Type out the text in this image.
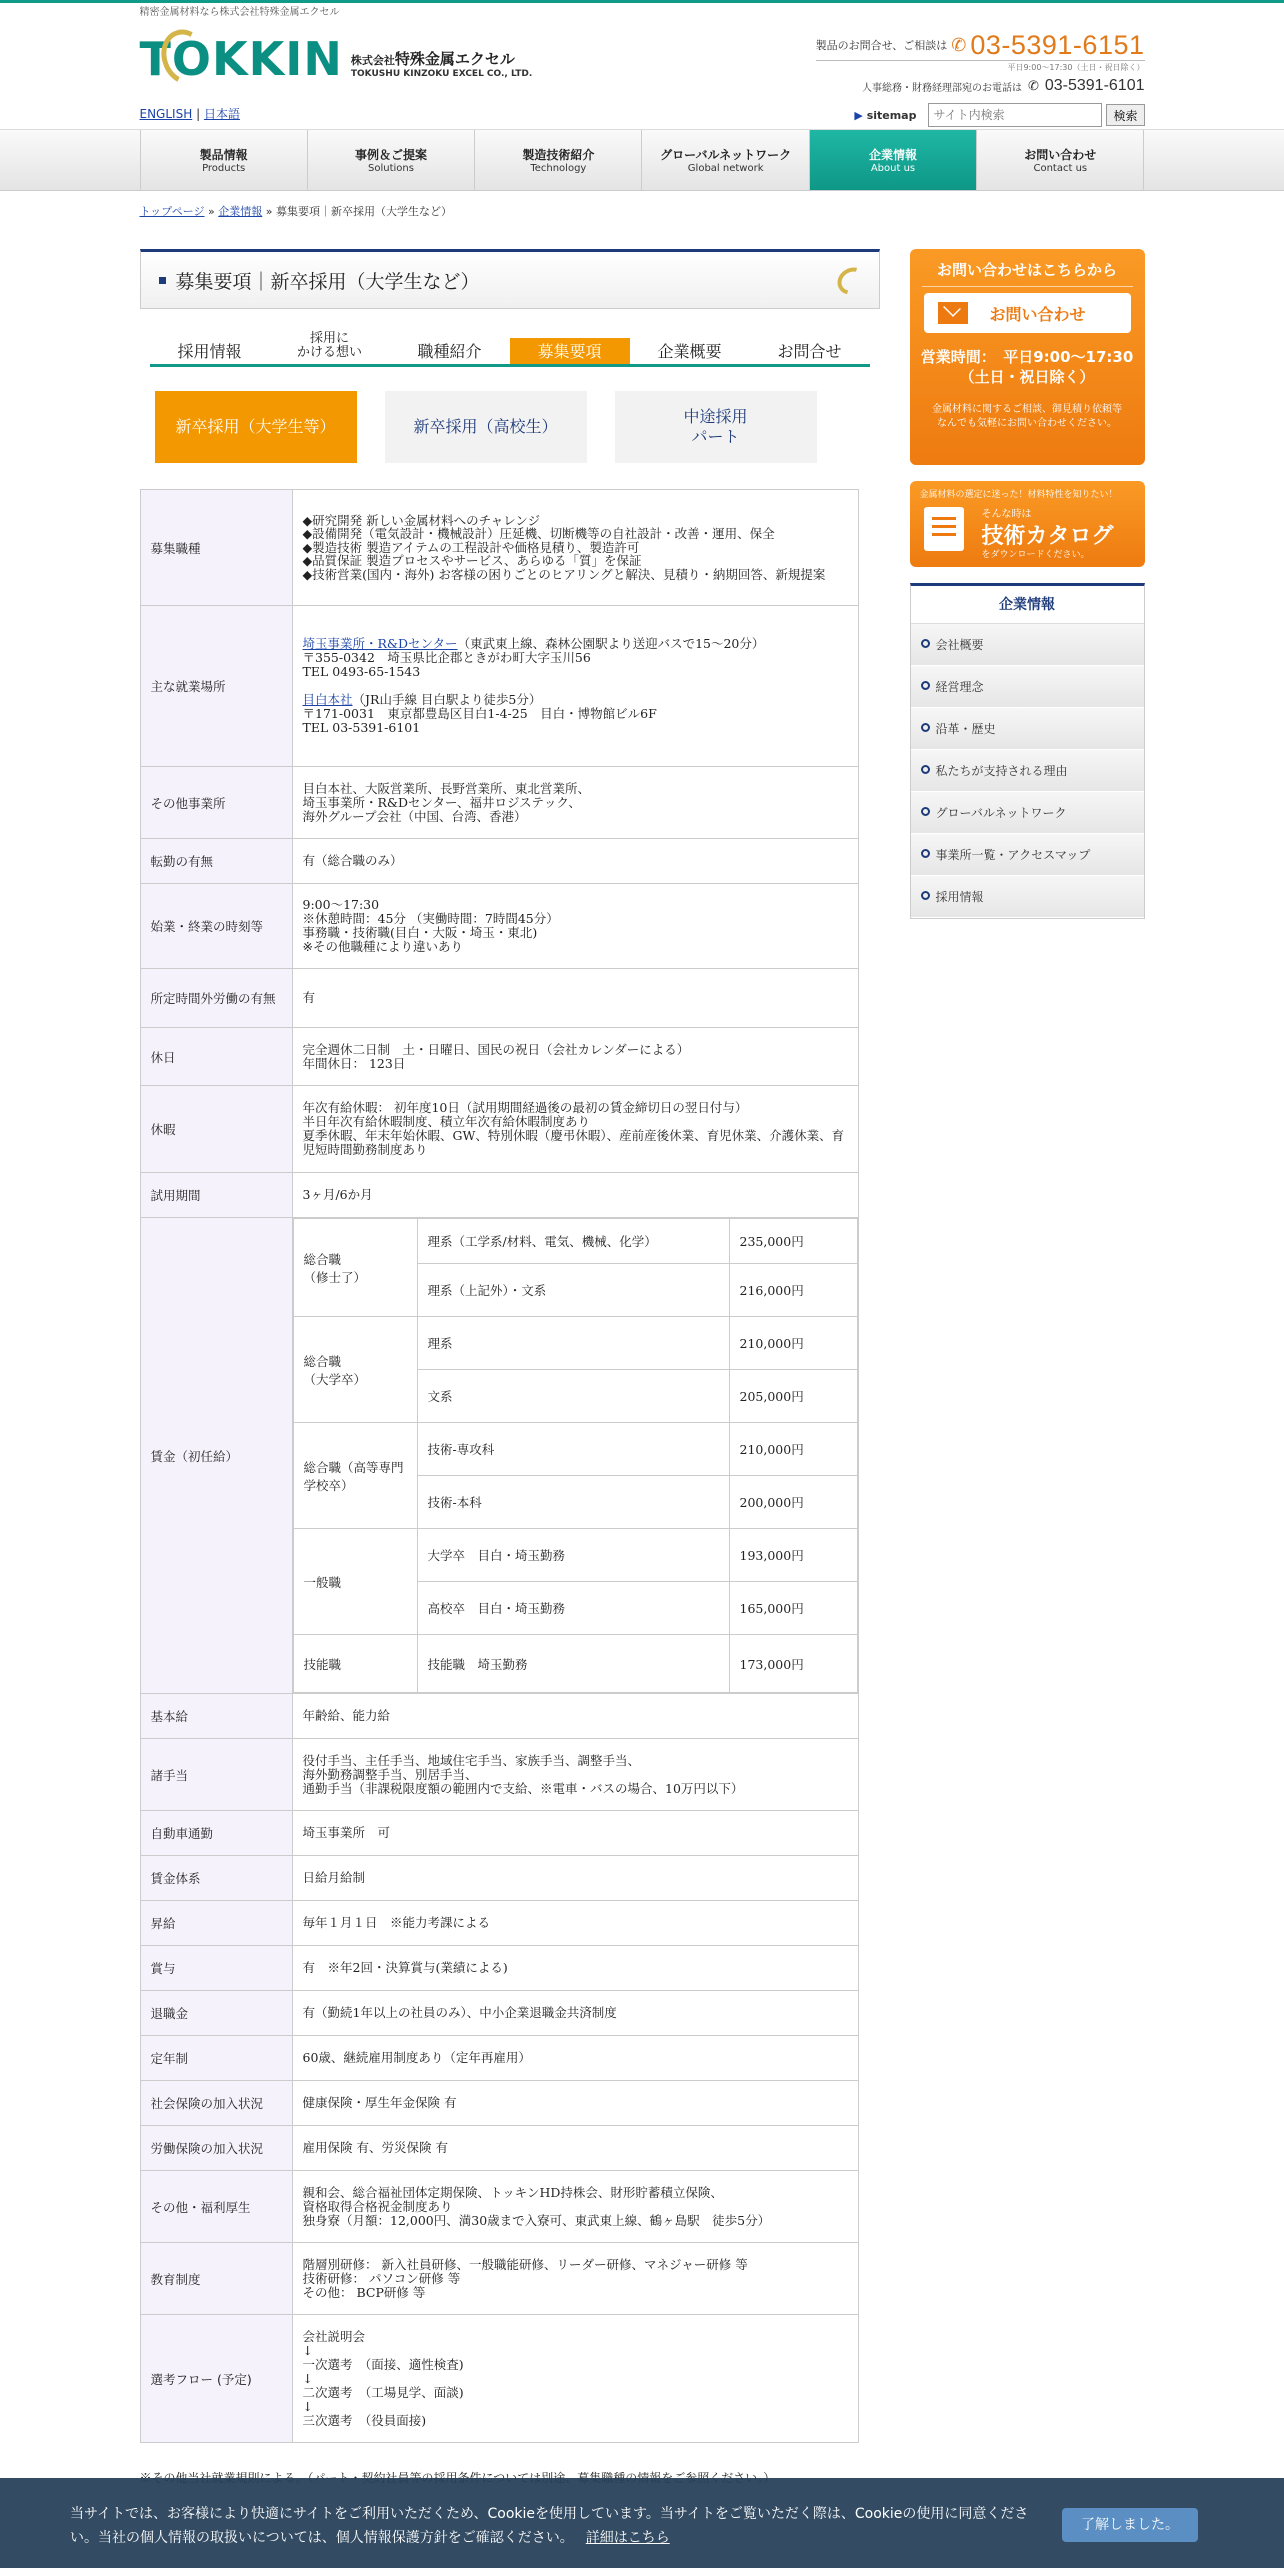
精密金属材料なら株式会社特殊金属エクセル
TOKKIN 株式会社特殊金属エクセル
TOKUSHU KINZOKU EXCEL CO., LTD.
ENGLISH | 日本語
製品のお問合せ、ご相談は ✆ 03-5391-6151
平日9:00～17:30（土日・祝日除く）
人事総務・財務経理部宛のお電話は ✆ 03-5391-6101
▶ sitemap
サイト内検索	検索
製品情報
Products
事例＆ご提案
Solutions
製造技術紹介
Technology
グローバルネットワーク
Global network
企業情報
About us
お問い合わせ
Contact us
トップページ » 企業情報 » 募集要項｜新卒採用（大学生など）
募集要項｜新卒採用（大学生など）
採用情報
採用に
かける想い	職種紹介	募集要項	企業概要	お問合せ
新卒採用（大学生等）	新卒採用（高校生）
中途採用
パート
募集職種	◆研究開発 新しい金属材料へのチャレンジ
◆設備開発（電気設計・機械設計）圧延機、切断機等の自社設計・改善・運用、保全
◆製造技術 製造アイテムの工程設計や価格見積り、製造許可
◆品質保証 製造プロセスやサービス、あらゆる「質」を保証
◆技術営業(国内・海外) お客様の困りごとのヒアリングと解決、見積り・納期回答、新規提案
主な就業場所	
埼玉事業所・R&Dセンター（東武東上線、森林公園駅より送迎バスで15～20分）
〒355-0342　埼玉県比企郡ときがわ町大字玉川56
TEL 0493-65-1543
目白本社（JR山手線 目白駅より徒歩5分）
〒171-0031　東京都豊島区目白1-4-25　目白・博物館ビル6F
TEL 03-5391-6101

その他事業所	目白本社、大阪営業所、長野営業所、東北営業所、
埼玉事業所・R&Dセンター、福井ロジステック、
海外グループ会社（中国、台湾、香港）
転勤の有無	有（総合職のみ）
始業・終業の時刻等	9:00～17:30
※休憩時間：45分 （実働時間：7時間45分）
事務職・技術職(目白・大阪・埼玉・東北)
※その他職種により違いあり
所定時間外労働の有無	有
休日	完全週休二日制　土・日曜日、国民の祝日（会社カレンダーによる）
年間休日： 123日
休暇	年次有給休暇： 初年度10日（試用期間経過後の最初の賃金締切日の翌日付与）
半日年次有給休暇制度、積立年次有給休暇制度あり
夏季休暇、年末年始休暇、GW、特別休暇（慶弔休暇）、産前産後休業、育児休業、介護休業、育児短時間勤務制度あり
試用期間	3ヶ月/6か月
賃金（初任給）	
総合職
（修士了）	理系（工学系/材料、電気、機械、化学）	235,000円
理系（上記外）・文系	216,000円
総合職
（大学卒）	理系	210,000円
文系	205,000円
総合職（高等専門学校卒）	技術-専攻科	210,000円
技術-本科	200,000円
一般職	大学卒　目白・埼玉勤務	193,000円
高校卒　目白・埼玉勤務	165,000円
技能職	技能職　埼玉勤務	173,000円

基本給	年齢給、能力給
諸手当	役付手当、主任手当、地域住宅手当、家族手当、調整手当、
海外勤務調整手当、別居手当、
通勤手当（非課税限度額の範囲内で支給、※電車・バスの場合、10万円以下）
自動車通勤	埼玉事業所　可
賃金体系	日給月給制
昇給	毎年１月１日　※能力考課による
賞与	有　※年2回・決算賞与(業績による)
退職金	有（勤続1年以上の社員のみ）、中小企業退職金共済制度
定年制	60歳、継続雇用制度あり（定年再雇用）
社会保険の加入状況	健康保険・厚生年金保険 有
労働保険の加入状況	雇用保険 有、労災保険 有
その他・福利厚生	親和会、総合福祉団体定期保険、トッキンHD持株会、財形貯蓄積立保険、
資格取得合格祝金制度あり
独身寮（月額：12,000円、満30歳まで入寮可、東武東上線、鶴ヶ島駅　徒歩5分）
教育制度	階層別研修： 新入社員研修、一般職能研修、リーダー研修、マネジャー研修 等
技術研修： パソコン研修 等
その他： BCP研修 等
選考フロー (予定)	会社説明会
↓
一次選考　（面接、適性検査)
↓
二次選考　（工場見学、面談)
↓
三次選考　（役員面接)
お問い合わせはこちらから
お問い合わせ
営業時間：　平日9:00～17:30
（土日・祝日除く）
金属材料に関するご相談、御見積り依頼等
なんでも気軽にお問い合わせください。
金属材料の選定に迷った！材料特性を知りたい！
そんな時は
技術カタログ
をダウンロードください。
企業情報
会社概要
経営理念
沿革・歴史
私たちが支持される理由
グローバルネットワーク
事業所一覧・アクセスマップ
採用情報
当サイトでは、お客様により快適にサイトをご利用いただくため、Cookieを使用しています。当サイトをご覧いただく際は、Cookieの使用に同意ください。当社の個人情報の取扱いについては、個人情報保護方針をご確認ください。 詳細はこちら
了解しました。
